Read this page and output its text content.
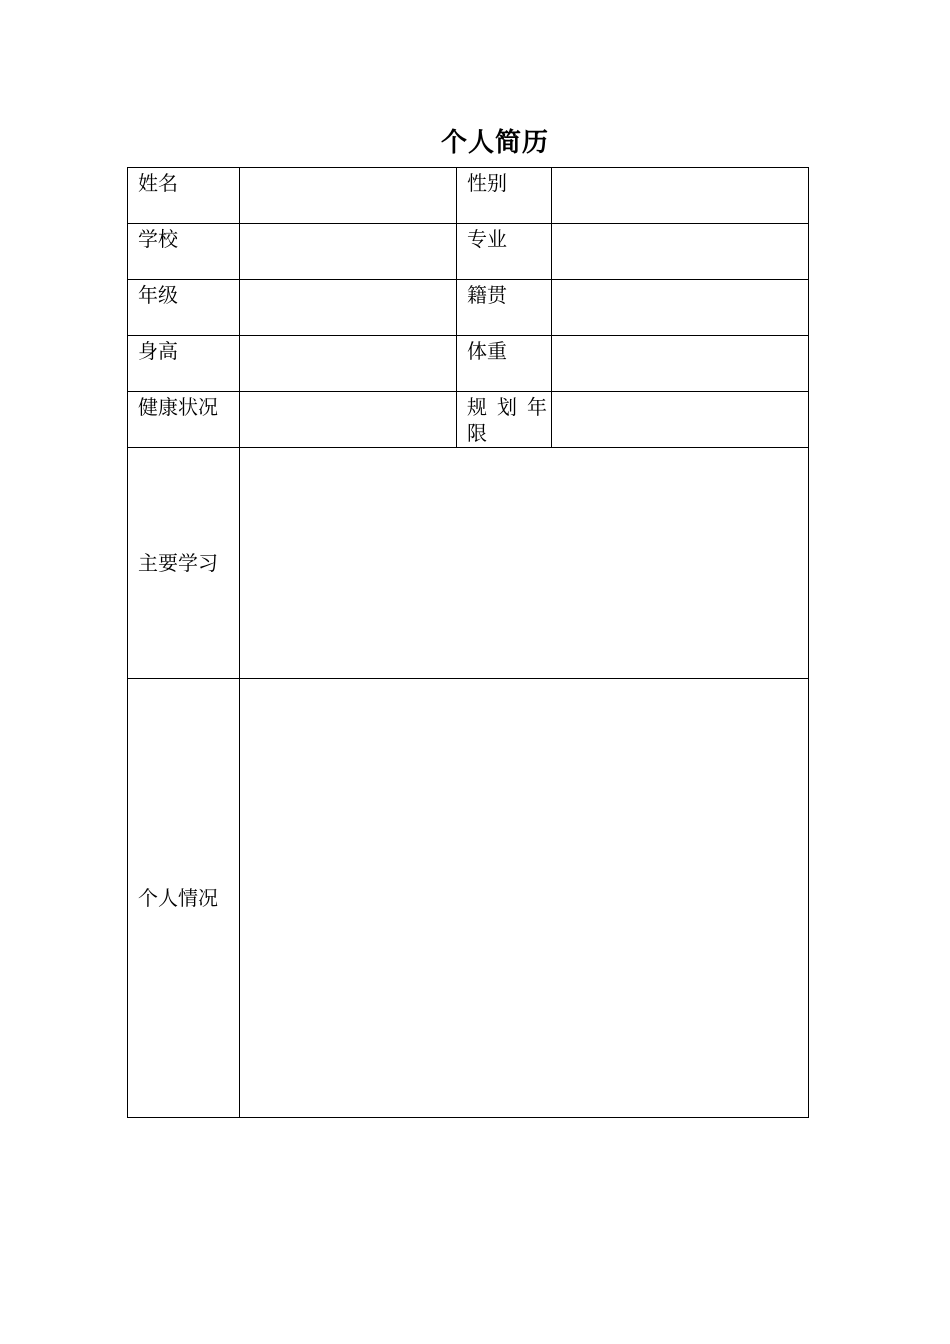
个人简历
姓名		性别	
学校		专业	
年级		籍贯	
身高		体重	
健康状况		规 划 年
限	

主要学习			
个人情况			
